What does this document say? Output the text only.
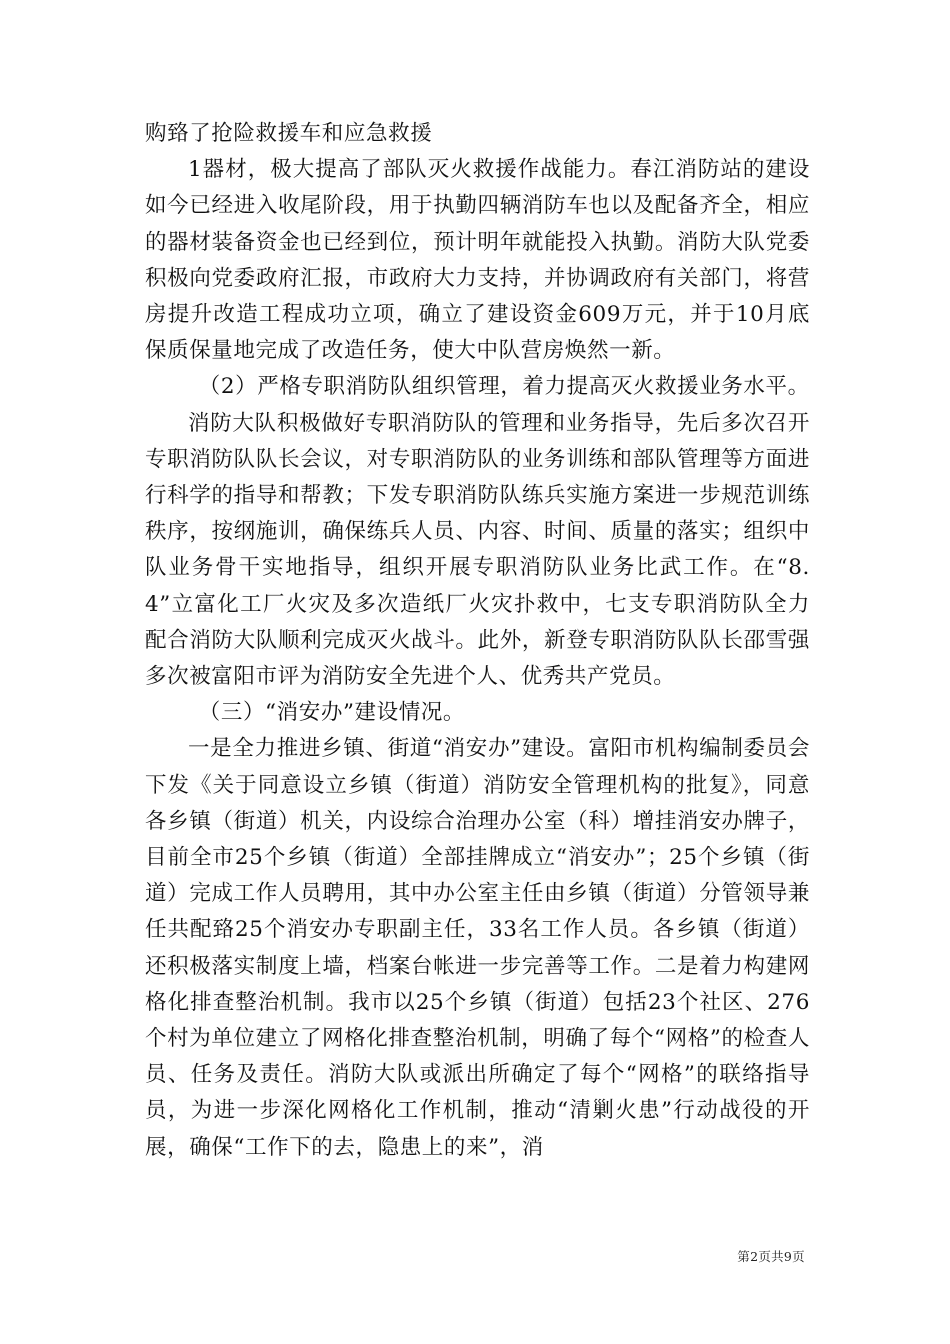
购臵了抢险救援车和应急救援

1器材，极大提高了部队灭火救援作战能力。春江消防站的建设如今已经进入收尾阶段，用于执勤四辆消防车也以及配备齐全，相应的器材装备资金也已经到位，预计明年就能投入执勤。消防大队党委积极向党委政府汇报，市政府大力支持，并协调政府有关部门，将营房提升改造工程成功立项，确立了建设资金609万元，并于10月底保质保量地完成了改造任务，使大中队营房焕然一新。

（2）严格专职消防队组织管理，着力提高灭火救援业务水平。

消防大队积极做好专职消防队的管理和业务指导，先后多次召开专职消防队队长会议，对专职消防队的业务训练和部队管理等方面进行科学的指导和帮教；下发专职消防队练兵实施方案进一步规范训练秩序，按纲施训，确保练兵人员、内容、时间、质量的落实；组织中队业务骨干实地指导，组织开展专职消防队业务比武工作。在“8.4”立富化工厂火灾及多次造纸厂火灾扑救中，七支专职消防队全力配合消防大队顺利完成灭火战斗。此外，新登专职消防队队长邵雪强多次被富阳市评为消防安全先进个人、优秀共产党员。

（三）“消安办”建设情况。

一是全力推进乡镇、街道“消安办”建设。富阳市机构编制委员会下发《关于同意设立乡镇（街道）消防安全管理机构的批复》，同意各乡镇（街道）机关，内设综合治理办公室（科）增挂消安办牌子，目前全市25个乡镇（街道）全部挂牌成立“消安办”；25个乡镇（街道）完成工作人员聘用，其中办公室主任由乡镇（街道）分管领导兼任共配臵25个消安办专职副主任，33名工作人员。各乡镇（街道）还积极落实制度上墙，档案台帐进一步完善等工作。二是着力构建网格化排查整治机制。我市以25个乡镇（街道）包括23个社区、276个村为单位建立了网格化排查整治机制，明确了每个“网格”的检查人员、任务及责任。消防大队或派出所确定了每个“网格”的联络指导员，为进一步深化网格化工作机制，推动“清剿火患”行动战役的开展，确保“工作下的去，隐患上的来”，消

第2页共9页
